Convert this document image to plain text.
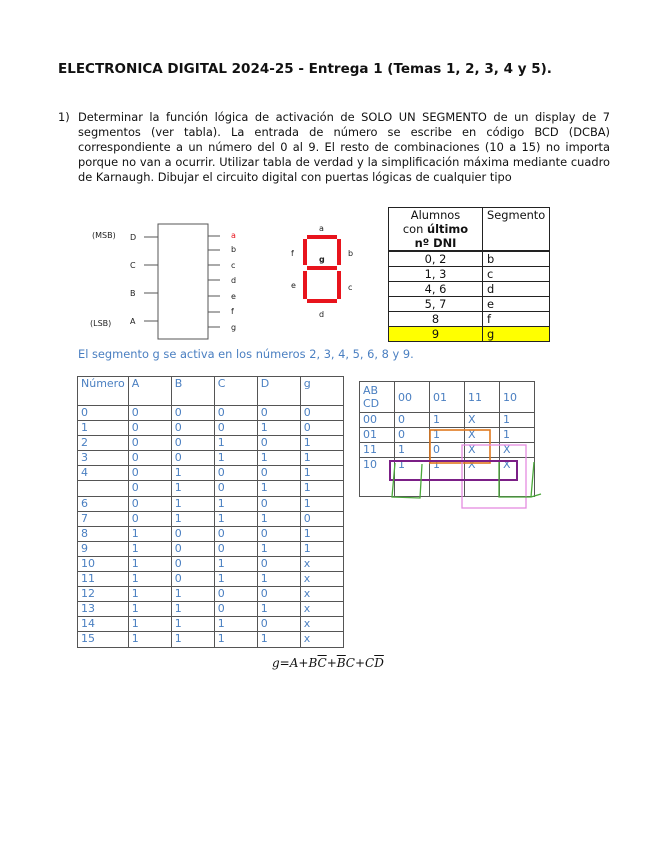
ELECTRONICA DIGITAL 2024-25 - Entrega 1 (Temas 1, 2, 3, 4 y 5).
1) Determinar la función lógica de activación de SOLO UN SEGMENTO de un display de 7 segmentos (ver tabla). La entrada de número se escribe en código BCD (DCBA) correspondiente a un número del 0 al 9. El resto de combinaciones (10 a 15) no importa porque no van a ocurrir. Utilizar tabla de verdad y la simplificación máxima mediante cuadro de Karnaugh. Dibujar el circuito digital con puertas lógicas de cualquier tipo
(MSB)
(LSB)
D
C
B
A
a
b
c
d
e
f
g
a
b
c
d
e
f
g
Alumnos
con último
nº DNI	Segmento
0, 2	b
1, 3	c
4, 6	d
5, 7	e
8	f
9	g
El segmento g se activa en los números 2, 3, 4, 5, 6, 8 y 9.
Número	A	B	C	D	g
0	0	0	0	0	0
1	0	0	0	1	0
2	0	0	1	0	1
3	0	0	1	1	1
4	0	1	0	0	1
	0	1	0	1	1
6	0	1	1	0	1
7	0	1	1	1	0
8	1	0	0	0	1
9	1	0	0	1	1
10	1	0	1	0	x
11	1	0	1	1	x
12	1	1	0	0	x
13	1	1	0	1	x
14	1	1	1	0	x
15	1	1	1	1	x
AB
CD	00	01	11	10
00	0	1	X	1
01	0	1	X	1
11	1	0	X	X
10	1	1	X	X
$g=A+B\overline{C}+\overline{B}C+C\overline{D}$
